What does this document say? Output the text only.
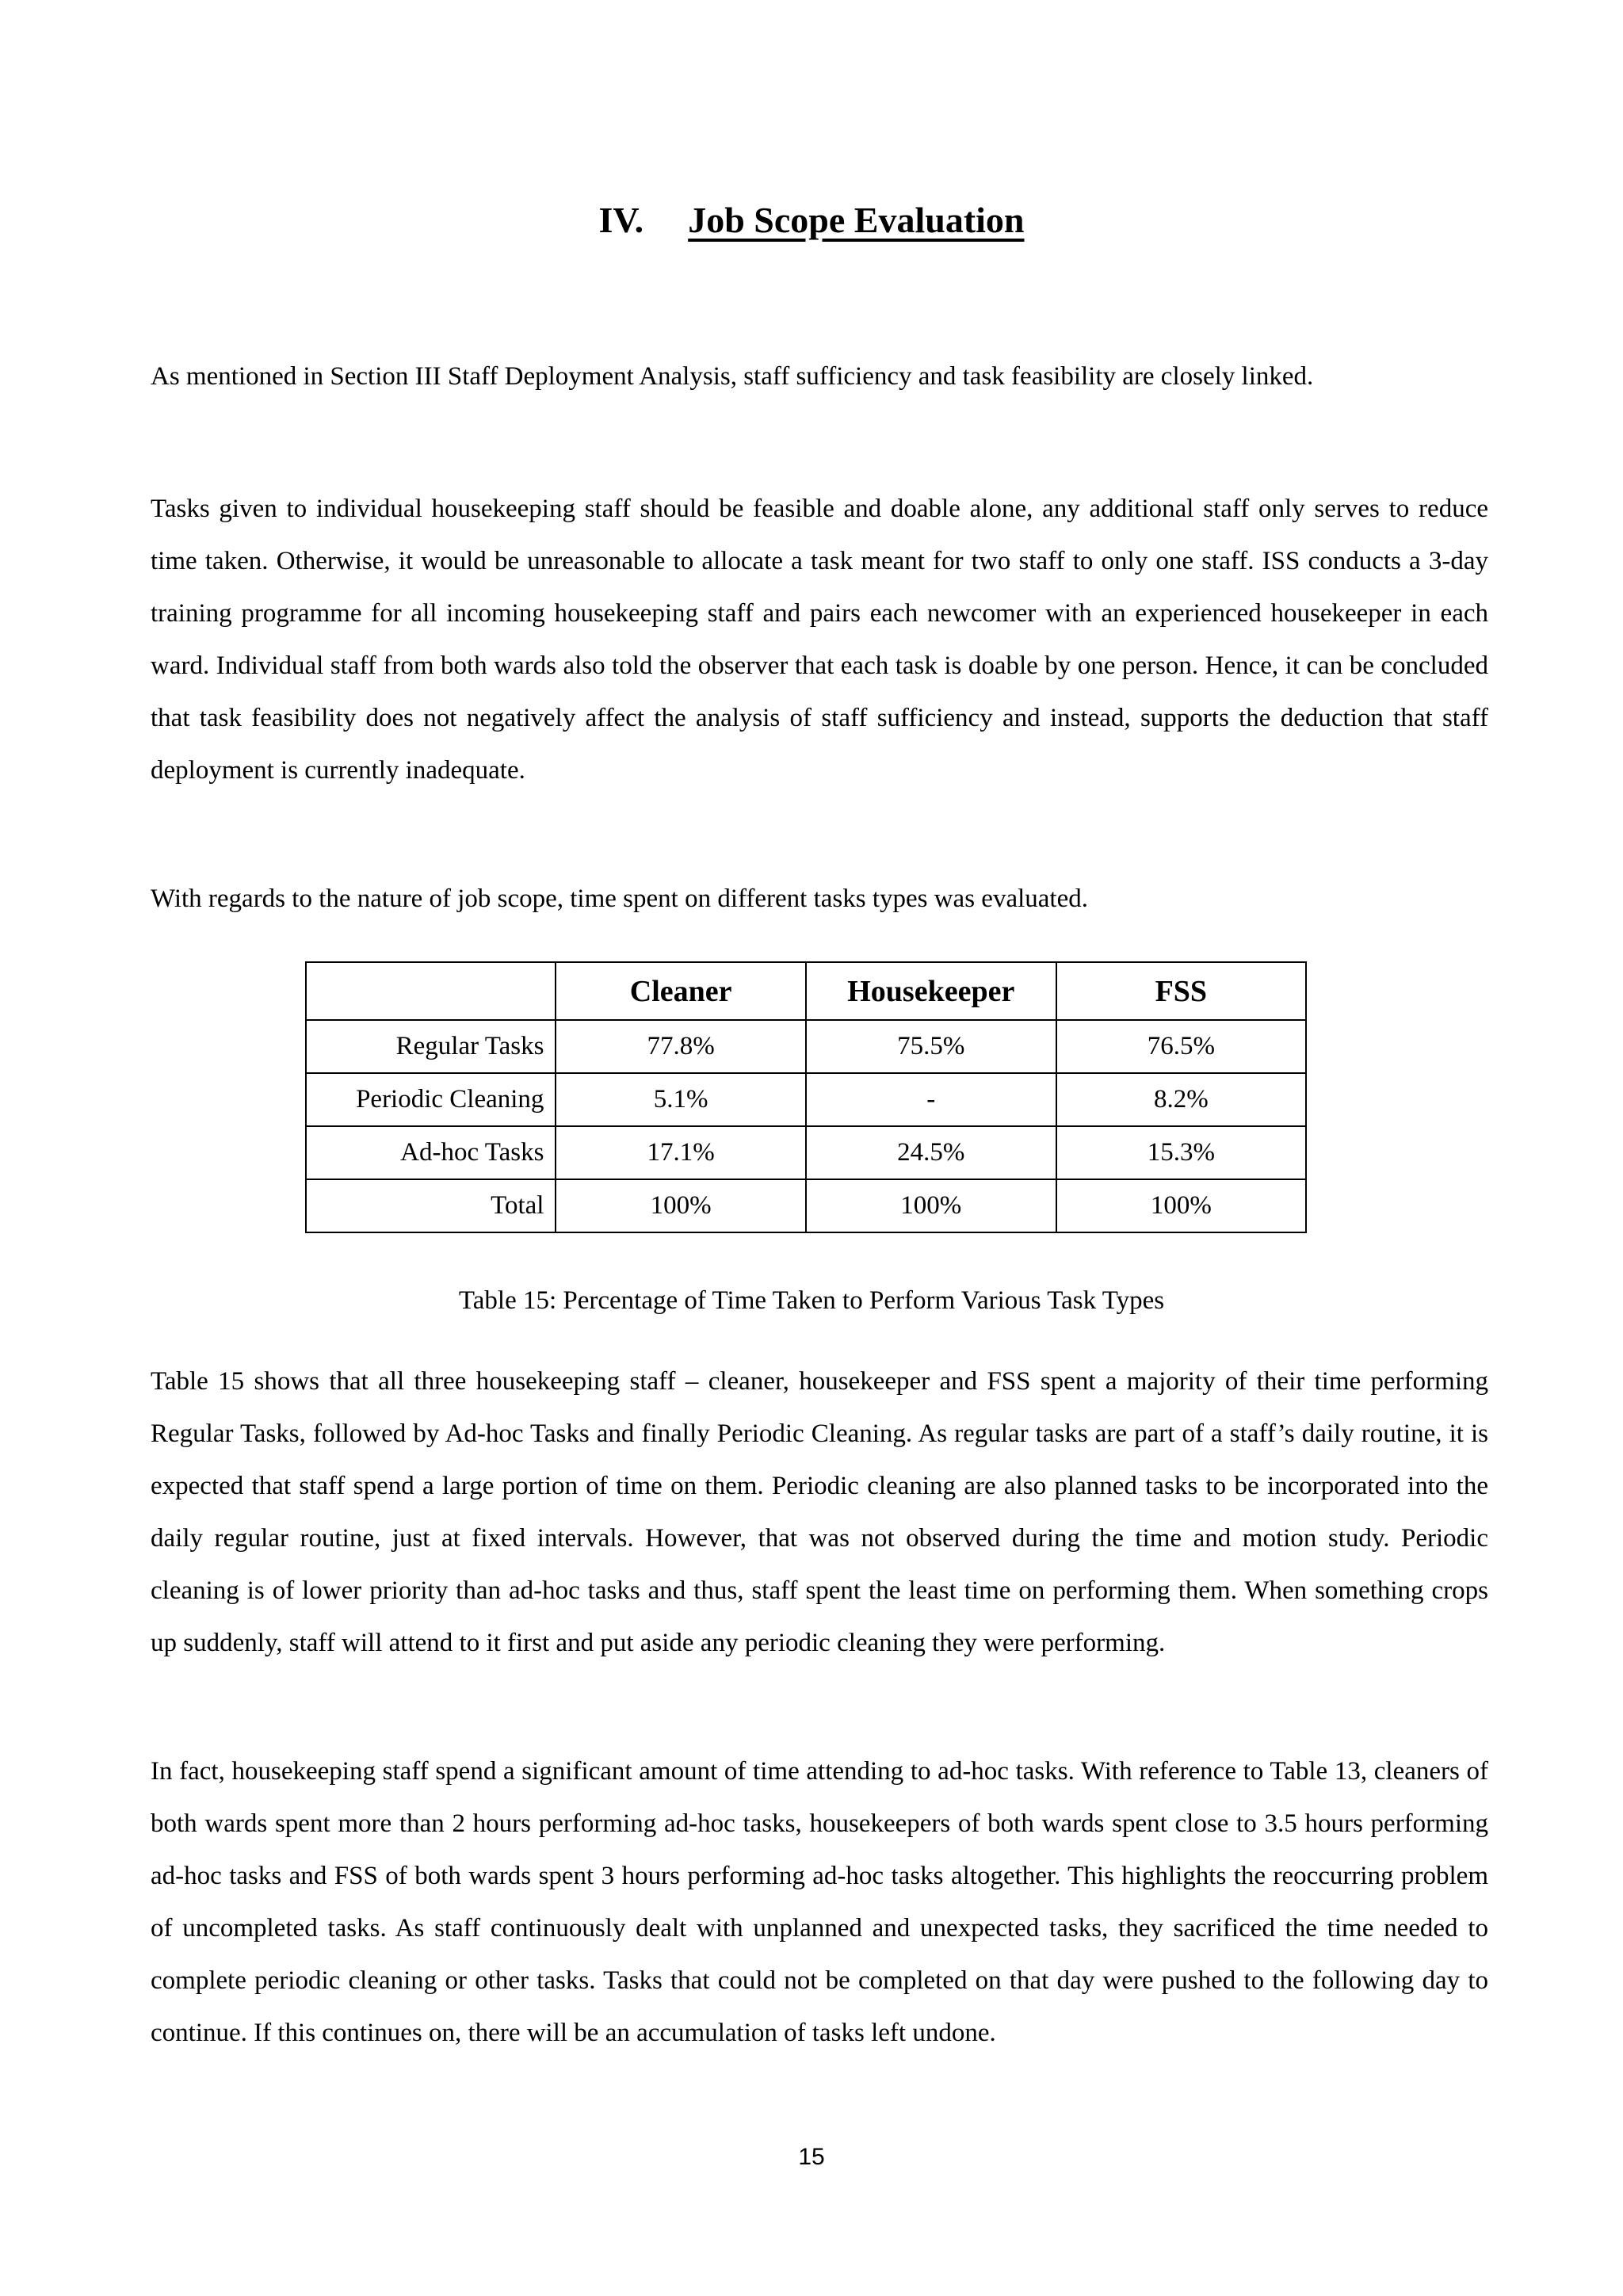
IV. Job Scope Evaluation

As mentioned in Section III Staff Deployment Analysis, staff sufficiency and task feasibility are closely linked.

Tasks given to individual housekeeping staff should be feasible and doable alone, any additional staff only serves to reduce time taken. Otherwise, it would be unreasonable to allocate a task meant for two staff to only one staff. ISS conducts a 3-day training programme for all incoming housekeeping staff and pairs each newcomer with an experienced housekeeper in each ward. Individual staff from both wards also told the observer that each task is doable by one person. Hence, it can be concluded that task feasibility does not negatively affect the analysis of staff sufficiency and instead, supports the deduction that staff deployment is currently inadequate.

With regards to the nature of job scope, time spent on different tasks types was evaluated.

	Cleaner	Housekeeper	FSS
Regular Tasks	77.8%	75.5%	76.5%
Periodic Cleaning	5.1%	-	8.2%
Ad-hoc Tasks	17.1%	24.5%	15.3%
Total	100%	100%	100%
Table 15: Percentage of Time Taken to Perform Various Task Types

Table 15 shows that all three housekeeping staff – cleaner, housekeeper and FSS spent a majority of their time performing Regular Tasks, followed by Ad-hoc Tasks and finally Periodic Cleaning. As regular tasks are part of a staff’s daily routine, it is expected that staff spend a large portion of time on them. Periodic cleaning are also planned tasks to be incorporated into the daily regular routine, just at fixed intervals. However, that was not observed during the time and motion study. Periodic cleaning is of lower priority than ad-hoc tasks and thus, staff spent the least time on performing them. When something crops up suddenly, staff will attend to it first and put aside any periodic cleaning they were performing.

In fact, housekeeping staff spend a significant amount of time attending to ad-hoc tasks. With reference to Table 13, cleaners of both wards spent more than 2 hours performing ad-hoc tasks, housekeepers of both wards spent close to 3.5 hours performing ad-hoc tasks and FSS of both wards spent 3 hours performing ad-hoc tasks altogether. This highlights the reoccurring problem of uncompleted tasks. As staff continuously dealt with unplanned and unexpected tasks, they sacrificed the time needed to complete periodic cleaning or other tasks. Tasks that could not be completed on that day were pushed to the following day to continue. If this continues on, there will be an accumulation of tasks left undone.

15
